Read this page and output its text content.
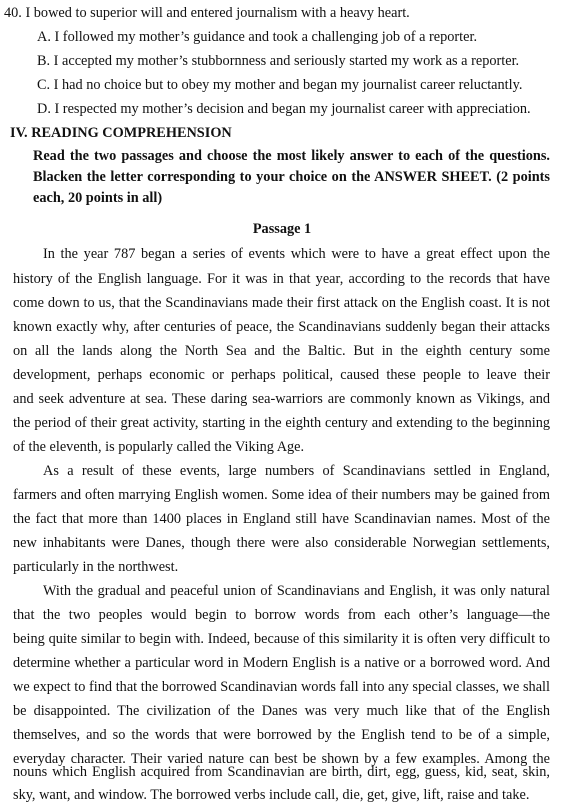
40. I bowed to superior will and entered journalism with a heavy heart.
A. I followed my mother’s guidance and took a challenging job of a reporter.
B. I accepted my mother’s stubbornness and seriously started my work as a reporter.
C. I had no choice but to obey my mother and began my journalist career reluctantly.
D. I respected my mother’s decision and began my journalist career with appreciation.
IV. READING COMPREHENSION
Read the two passages and choose the most likely answer to each of the questions.
Blacken the letter corresponding to your choice on the ANSWER SHEET. (2 points
each, 20 points in all)
Passage 1
In the year 787 began a series of events which were to have a great effect upon the
history of the English language. For it was in that year, according to the records that have
come down to us, that the Scandinavians made their first attack on the English coast. It is not
known exactly why, after centuries of peace, the Scandinavians suddenly began their attacks
on all the lands along the North Sea and the Baltic. But in the eighth century some
development, perhaps economic or perhaps political, caused these people to leave their
and seek adventure at sea. These daring sea-warriors are commonly known as Vikings, and
the period of their great activity, starting in the eighth century and extending to the beginning
of the eleventh, is popularly called the Viking Age.
As a result of these events, large numbers of Scandinavians settled in England,
farmers and often marrying English women. Some idea of their numbers may be gained from
the fact that more than 1400 places in England still have Scandinavian names. Most of the
new inhabitants were Danes, though there were also considerable Norwegian settlements,
particularly in the northwest.
With the gradual and peaceful union of Scandinavians and English, it was only natural
that the two peoples would begin to borrow words from each other’s language—the
being quite similar to begin with. Indeed, because of this similarity it is often very difficult to
determine whether a particular word in Modern English is a native or a borrowed word. And
we expect to find that the borrowed Scandinavian words fall into any special classes, we shall
be disappointed. The civilization of the Danes was very much like that of the English
themselves, and so the words that were borrowed by the English tend to be of a simple,
everyday character. Their varied nature can best be shown by a few examples. Among the
nouns which English acquired from Scandinavian are birth, dirt, egg, guess, kid, seat, skin,
sky, want, and window. The borrowed verbs include call, die, get, give, lift, raise and take.
